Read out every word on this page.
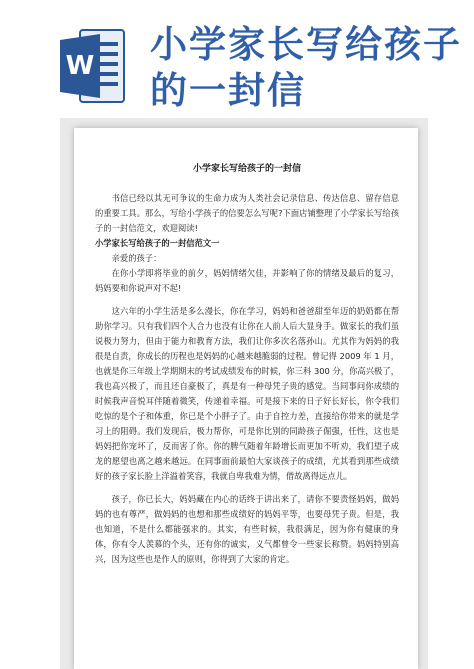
W 小学家长写给孩子
的一封信
小学家长写给孩子的一封信

书信已经以其无可争议的生命力成为人类社会记录信息、传达信息、留存信息的重要工具。那么，写给小学孩子的信要怎么写呢?下面店铺整理了小学家长写给孩子的一封信范文，欢迎阅读!

小学家长写给孩子的一封信范文一

亲爱的孩子：

在你小学即将毕业的前夕，妈妈情绪欠佳，并影响了你的情绪及最后的复习，妈妈要和你说声对不起!

这六年的小学生活是多么漫长，你在学习，妈妈和爸爸甜至年迈的奶奶都在帮助你学习。只有我们四个人合力也没有让你在人前人后大显身手。做家长的我们虽说极力努力，但由于能力和教育方法，我们让你多次名落孙山。尤其作为妈妈的我很是自责，你成长的历程也是妈妈的心越来越脆弱的过程。曾记得 2009 年 1 月，也就是你三年级上学期期末的考试成绩发布的时候，你三科 300 分，你高兴极了，我也高兴极了，而且还自豪极了，真是有一种母凭子贵的感觉。当同事问你成绩的时候我声音悦耳伴随着微笑，传递着幸福。可是接下来的日子好长好长，你令我们吃惊的是个子和体重，你已是个小胖子了。由于自控力差，直接给你带来的就是学习上的阻碍。我们发现后，极力帮你，可是你比别的同龄孩子倔强，任性，这也是妈妈把你宠坏了，反而害了你。你的脾气随着年龄增长而更加不听劝，我们望子成龙的愿望也离之越来越远。在同事面前最怕大家谈孩子的成绩，尤其看到那些成绩好的孩子家长脸上洋溢着笑容，我就自卑我难为情，借故离得远点儿。

孩子，你已长大，妈妈藏在内心的话终于讲出来了，请你不要责怪妈妈，做妈妈的也有尊严，做妈妈的也想和那些成绩好的妈妈平等，也要母凭子贵。但是，我也知道，不是什么都能强求的。其实，有些时候，我很满足，因为你有健康的身体，你有令人羡慕的个头，还有你的诚实，义气都曾令一些家长称赞。妈妈特别高兴，因为这些也是作人的原则，你得到了大家的肯定。
